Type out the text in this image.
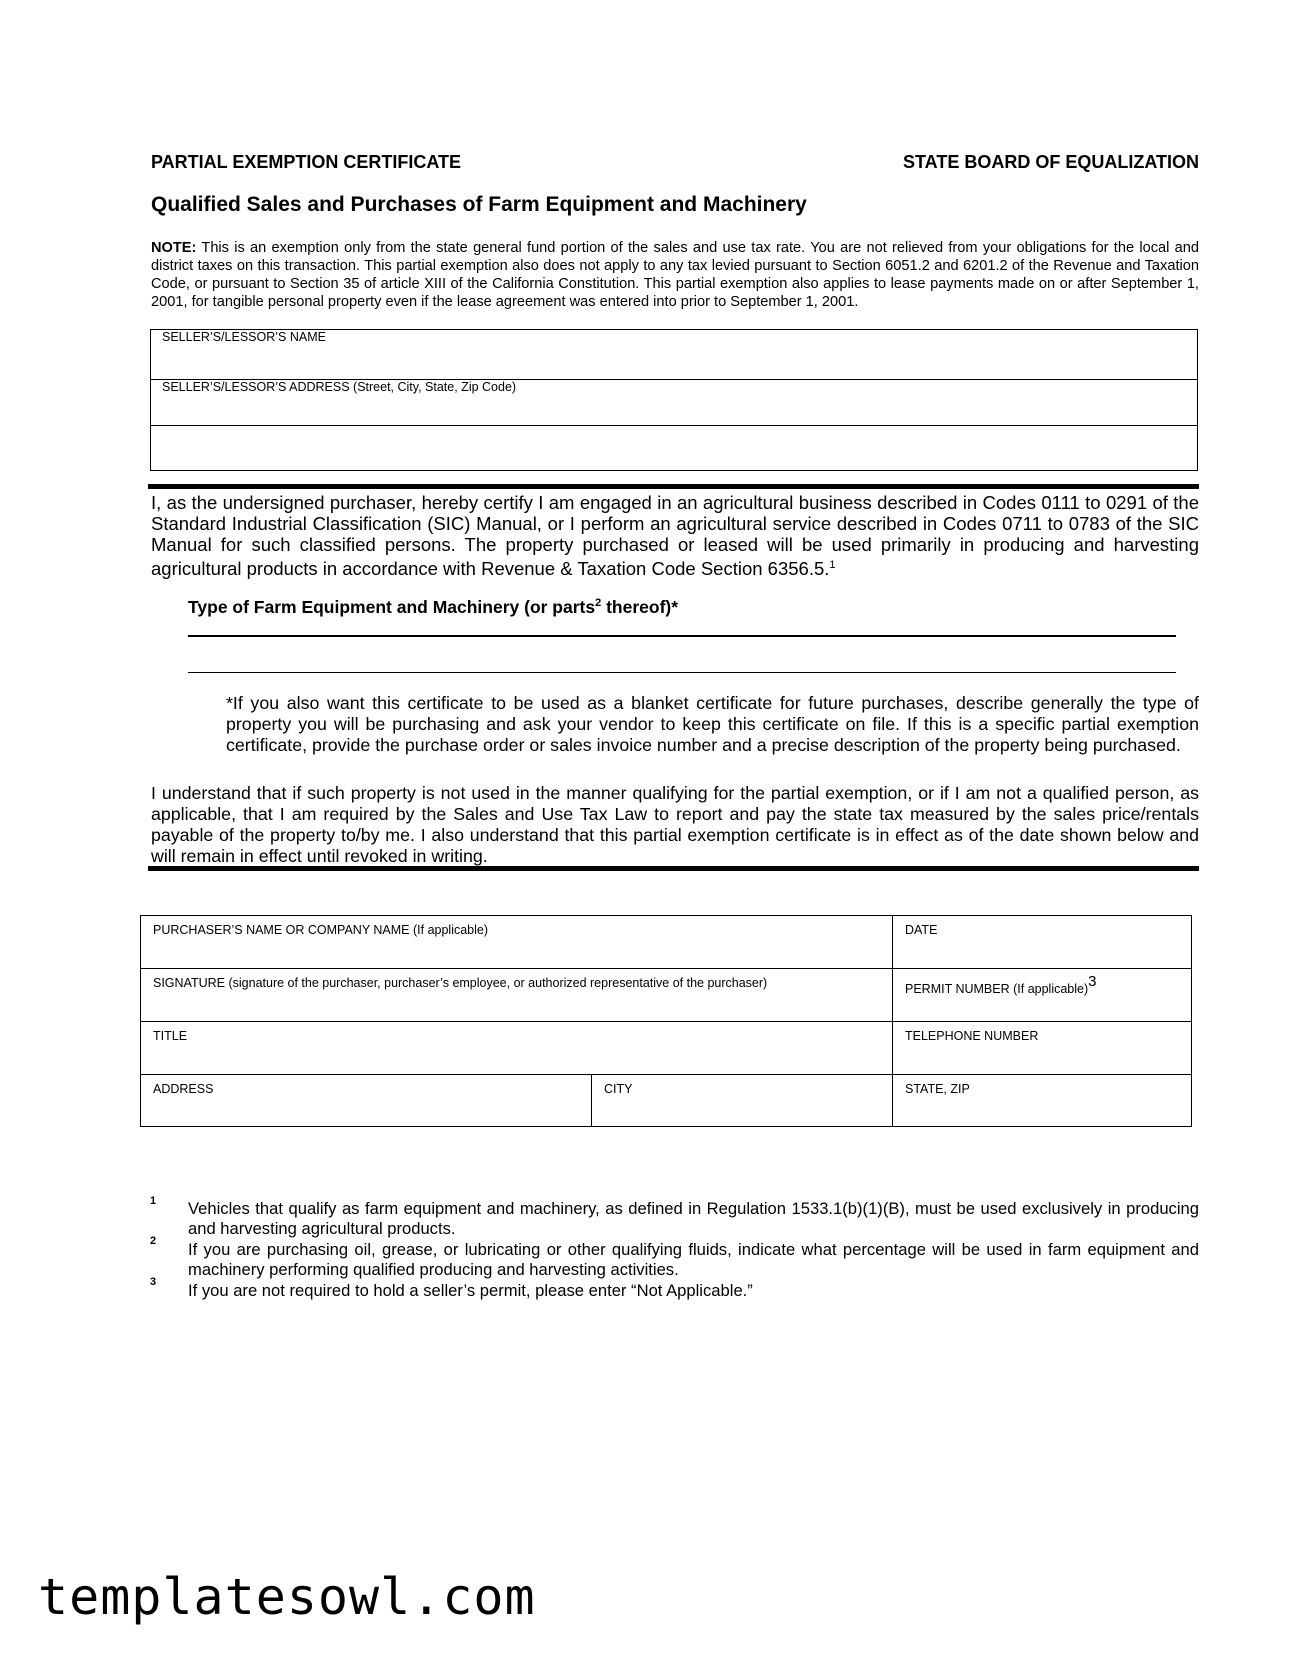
PARTIAL EXEMPTION CERTIFICATE	STATE BOARD OF EQUALIZATION
Qualified Sales and Purchases of Farm Equipment and Machinery
NOTE: This is an exemption only from the state general fund portion of the sales and use tax rate. You are not relieved from your obligations for the local and district taxes on this transaction. This partial exemption also does not apply to any tax levied pursuant to Section 6051.2 and 6201.2 of the Revenue and Taxation Code, or pursuant to Section 35 of article XIII of the California Constitution. This partial exemption also applies to lease payments made on or after September 1, 2001, for tangible personal property even if the lease agreement was entered into prior to September 1, 2001.
SELLER’S/LESSOR’S NAME
SELLER’S/LESSOR’S ADDRESS (Street, City, State, Zip Code)
I, as the undersigned purchaser, hereby certify I am engaged in an agricultural business described in Codes 0111 to 0291 of the Standard Industrial Classification (SIC) Manual, or I perform an agricultural service described in Codes 0711 to 0783 of the SIC Manual for such classified persons. The property purchased or leased will be used primarily in producing and harvesting agricultural products in accordance with Revenue & Taxation Code Section 6356.5.$^1$
Type of Farm Equipment and Machinery (or parts$^2$ thereof)*
*If you also want this certificate to be used as a blanket certificate for future purchases, describe generally the type of property you will be purchasing and ask your vendor to keep this certificate on file. If this is a specific partial exemption certificate, provide the purchase order or sales invoice number and a precise description of the property being purchased.
I understand that if such property is not used in the manner qualifying for the partial exemption, or if I am not a qualified person, as applicable, that I am required by the Sales and Use Tax Law to report and pay the state tax measured by the sales price/rentals payable of the property to/by me. I also understand that this partial exemption certificate is in effect as of the date shown below and will remain in effect until revoked in writing.
PURCHASER’S NAME OR COMPANY NAME (If applicable)	DATE
SIGNATURE (signature of the purchaser, purchaser’s employee, or authorized representative of the purchaser)	PERMIT NUMBER (If applicable)3
TITLE	TELEPHONE NUMBER
ADDRESS	CITY	STATE, ZIP
1 Vehicles that qualify as farm equipment and machinery, as defined in Regulation 1533.1(b)(1)(B), must be used exclusively in producing and harvesting agricultural products.
2 If you are purchasing oil, grease, or lubricating or other qualifying fluids, indicate what percentage will be used in farm equipment and machinery performing qualified producing and harvesting activities.
3 If you are not required to hold a seller’s permit, please enter “Not Applicable.”
templatesowl.com
